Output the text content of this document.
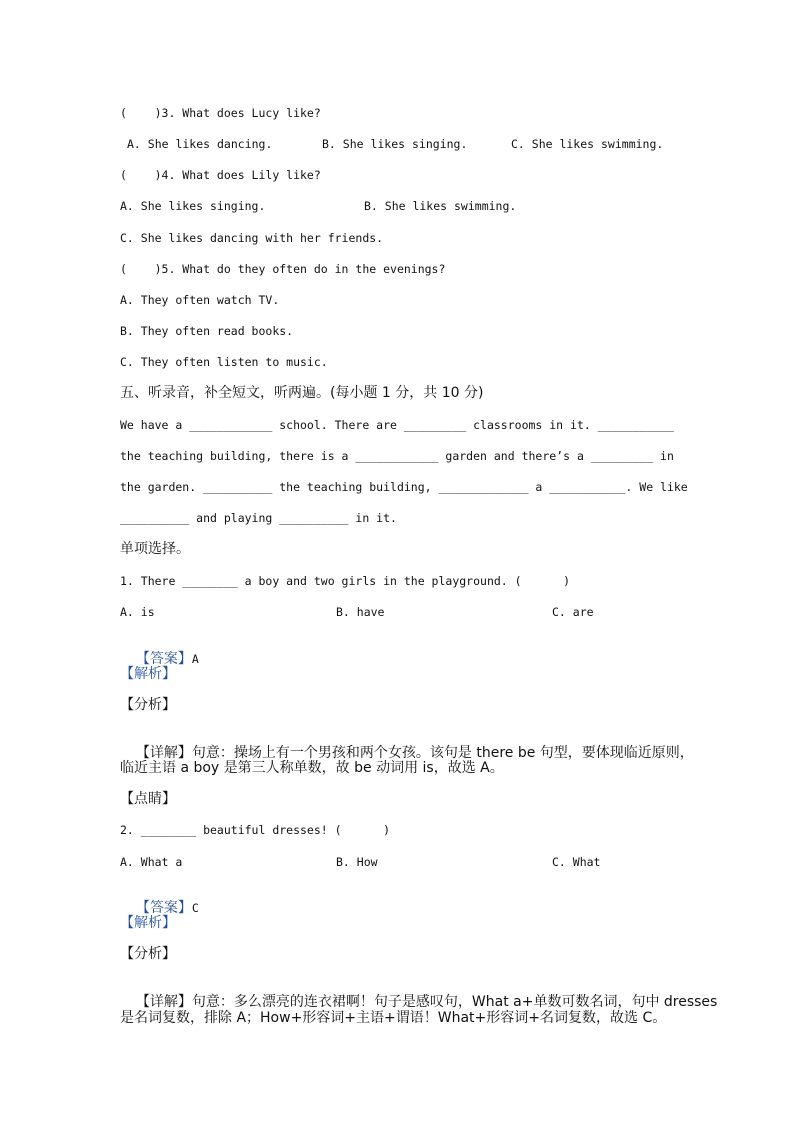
(    )3. What does Lucy like?
A. She likes dancing.	B. She likes singing.	C. She likes swimming.
(    )4. What does Lily like?
A. She likes singing.	B. She likes swimming.
C. She likes dancing with her friends.
(    )5. What do they often do in the evenings?
A. They often watch TV.
B. They often read books.
C. They often listen to music.
五、听录音，补全短文，听两遍。(每小题 1 分，共 10 分)
We have a ____________ school. There are _________ classrooms in it. ___________
the teaching building, there is a ____________ garden and there’s a _________ in
the garden. __________ the teaching building, _____________ a ___________. We like
__________ and playing __________ in it.
单项选择。
1. There ________ a boy and two girls in the playground. (      )
A. is	B. have	C. are

【答案】A

【解析】
【分析】

【详解】句意：操场上有一个男孩和两个女孩。该句是 there be 句型，要体现临近原则，

临近主语 a boy 是第三人称单数，故 be 动词用 is，故选 A。
【点睛】
2. ________ beautiful dresses! (      )
A. What a	B. How	C. What

【答案】C

【解析】
【分析】

【详解】句意：多么漂亮的连衣裙啊！句子是感叹句，What a+单数可数名词，句中 dresses

是名词复数，排除 A；How+形容词+主语+谓语！What+形容词+名词复数，故选 C。
